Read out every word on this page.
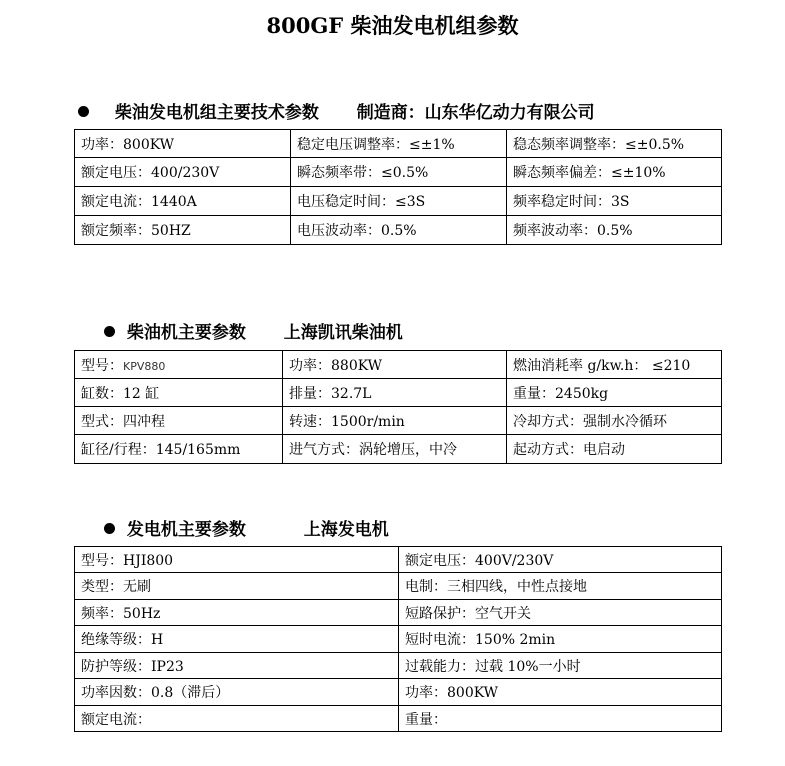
800GF 柴油发电机组参数
柴油发电机组主要技术参数 制造商：山东华亿动力有限公司
功率：800KW	稳定电压调整率：≤±1%	稳态频率调整率：≤±0.5%
额定电压：400/230V	瞬态频率带：≤0.5%	瞬态频率偏差：≤±10%
额定电流：1440A	电压稳定时间：≤3S	频率稳定时间：3S
额定频率：50HZ	电压波动率：0.5%	频率波动率：0.5%
柴油机主要参数 上海凯讯柴油机
型号：KPV880	功率：880KW	燃油消耗率 g/kw.h： ≤210
缸数：12 缸	排量：32.7L	重量：2450kg
型式：四冲程	转速：1500r/min	冷却方式：强制水冷循环
缸径/行程：145/165mm	进气方式：涡轮增压，中冷	起动方式：电启动
发电机主要参数	上海发电机
型号：HJI800	额定电压：400V/230V
类型：无刷	电制：三相四线，中性点接地
频率：50Hz	短路保护：空气开关
绝缘等级：H	短时电流：150% 2min
防护等级：IP23	过载能力：过载 10%一小时
功率因数：0.8（滞后）	功率：800KW
额定电流：	重量：
